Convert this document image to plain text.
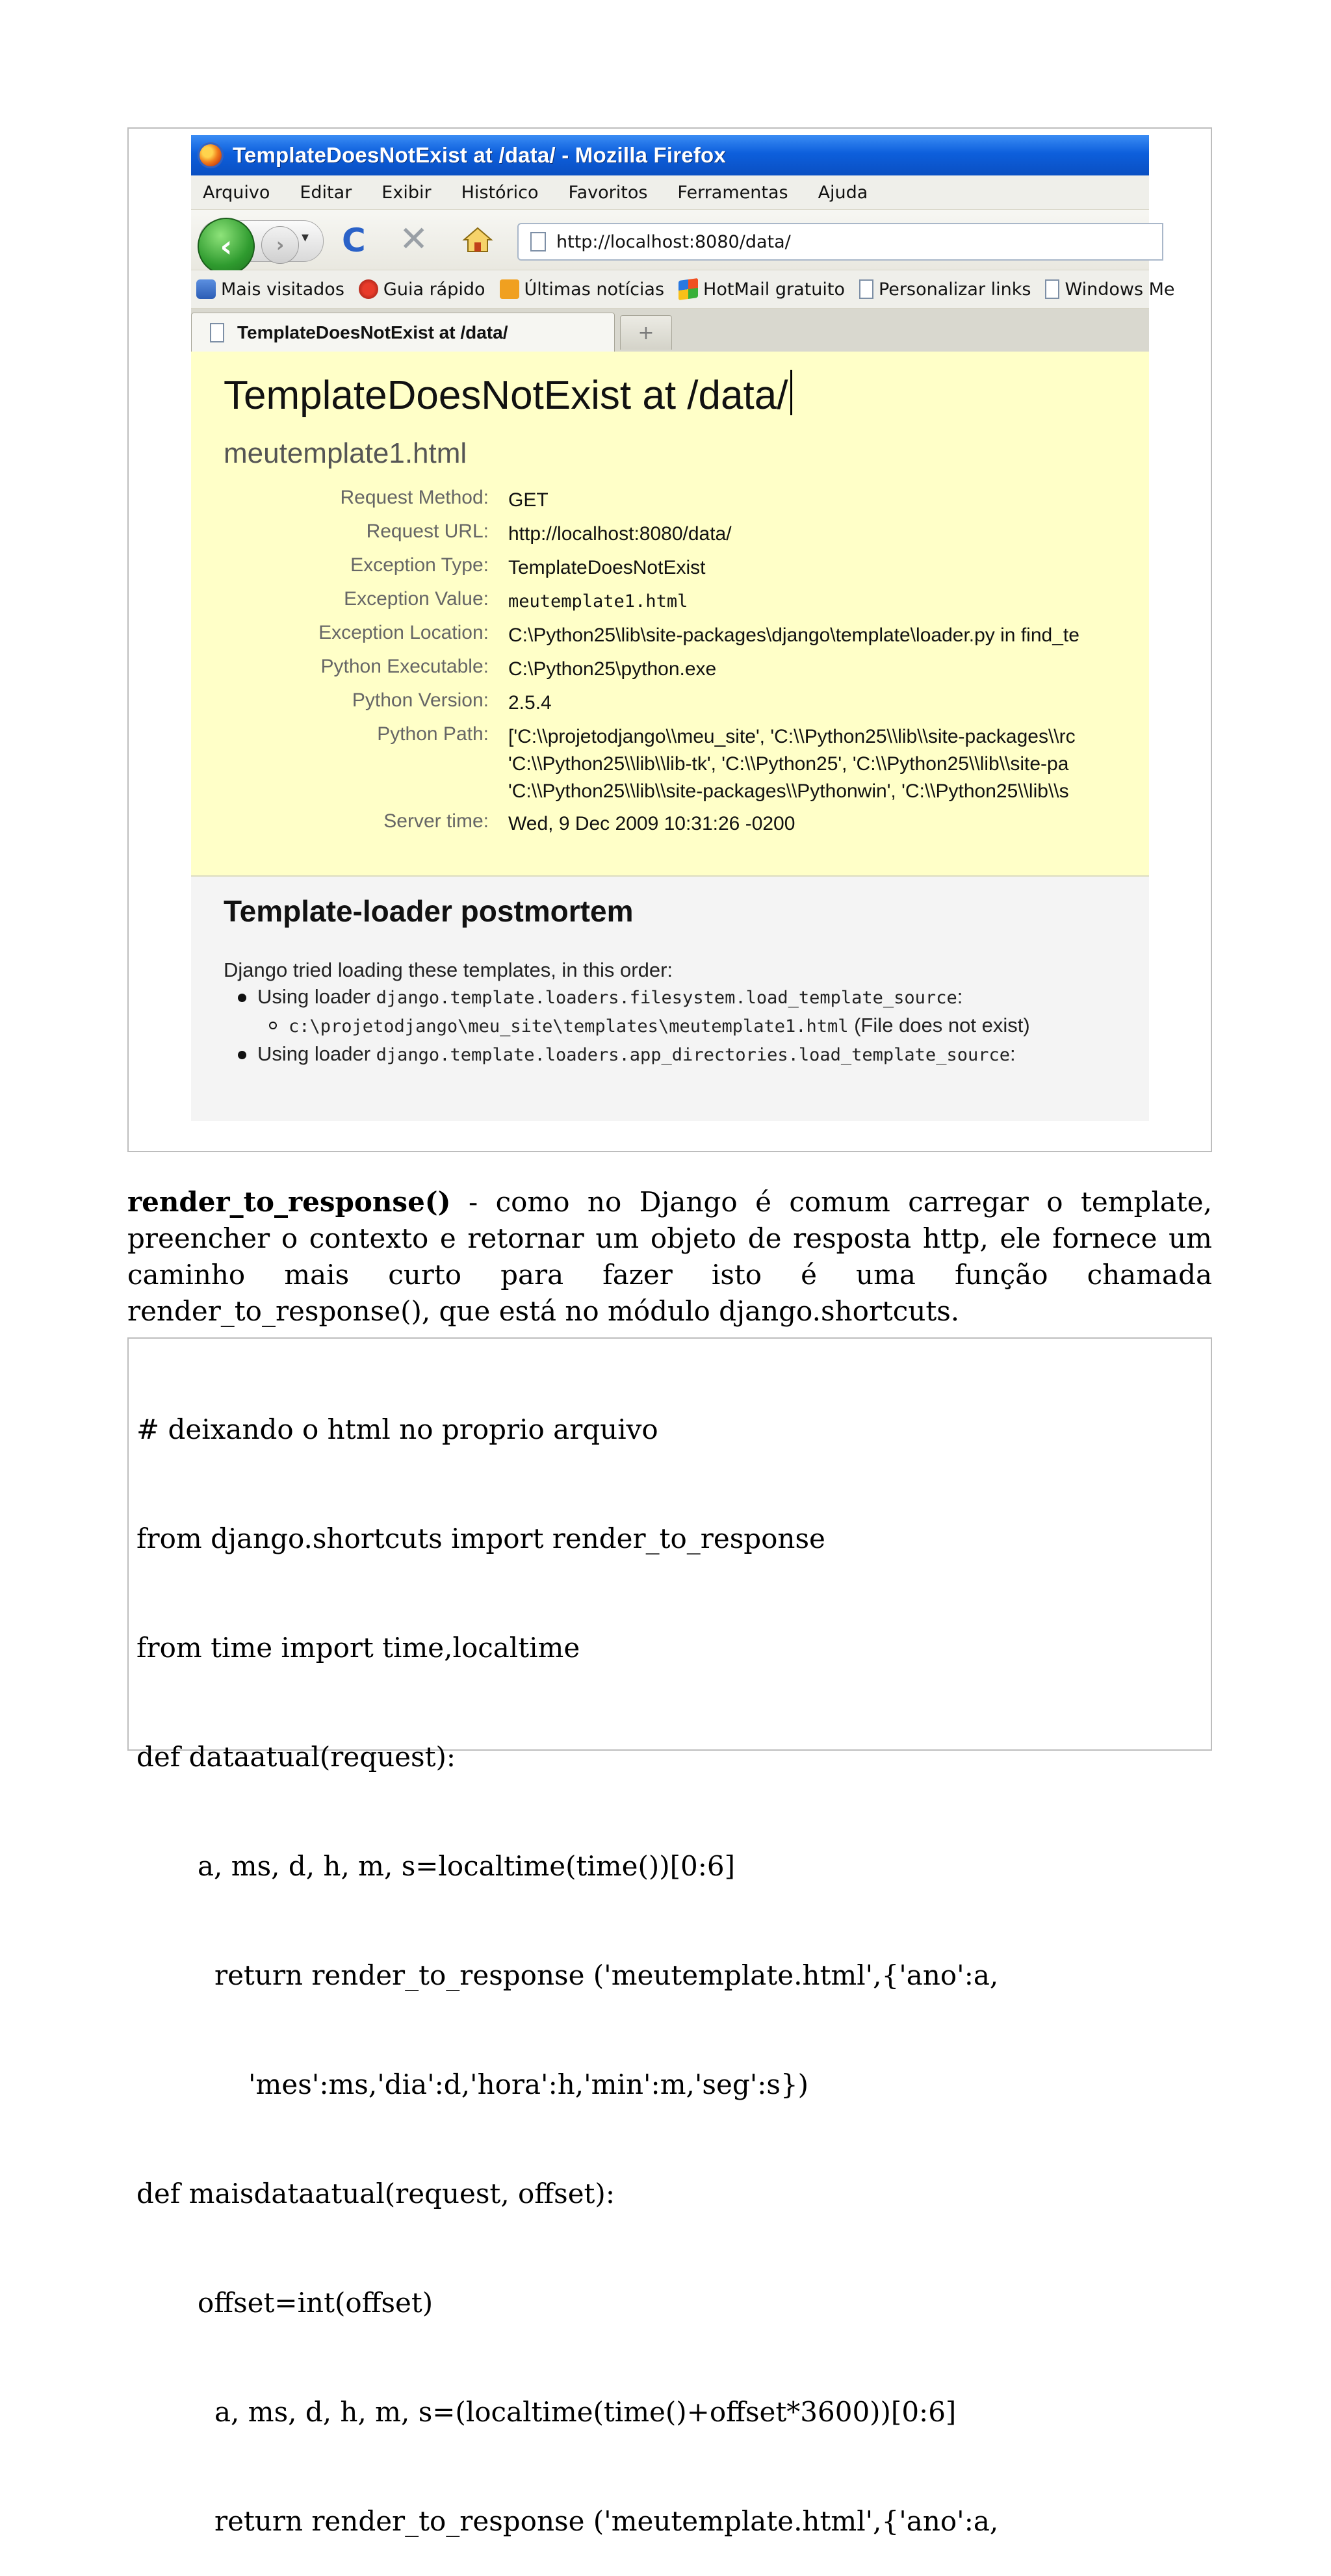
TemplateDoesNotExist at /data/ - Mozilla Firefox
Arquivo Editar Exibir Histórico Favoritos Ferramentas Ajuda
‹	›	▾ C ✕	http://localhost:8080/data/
Mais visitados Guia rápido Últimas notícias HotMail gratuito Personalizar links Windows Me
TemplateDoesNotExist at /data/	+
TemplateDoesNotExist at /data/
meutemplate1.html
Request Method: GET
Request URL: http://localhost:8080/data/
Exception Type: TemplateDoesNotExist
Exception Value: meutemplate1.html
Exception Location: C:\Python25\lib\site-packages\django\template\loader.py in find_te
Python Executable: C:\Python25\python.exe
Python Version: 2.5.4
Python Path: ['C:\\projetodjango\\meu_site', 'C:\\Python25\\lib\\site-packages\\rc
'C:\\Python25\\lib\\lib-tk', 'C:\\Python25', 'C:\\Python25\\lib\\site-pa
'C:\\Python25\\lib\\site-packages\\Pythonwin', 'C:\\Python25\\lib\\s
Server time: Wed, 9 Dec 2009 10:31:26 -0200
Template-loader postmortem
Django tried loading these templates, in this order:
Using loader django.template.loaders.filesystem.load_template_source:
c:\projetodjango\meu_site\templates\meutemplate1.html (File does not exist)
Using loader django.template.loaders.app_directories.load_template_source:
render_to_response() - como no Django é comum carregar o template, preencher o contexto e retornar um objeto de resposta http, ele fornece um caminho mais curto para fazer isto é uma função chamada render_to_response(), que está no módulo django.shortcuts.

# deixando o html no proprio arquivo

from django.shortcuts import render_to_response

from time import time,localtime

def dataatual(request):

a, ms, d, h, m, s=localtime(time())[0:6]

return render_to_response ('meutemplate.html',{'ano':a,

'mes':ms,'dia':d,'hora':h,'min':m,'seg':s})

def maisdataatual(request, offset):

offset=int(offset)

a, ms, d, h, m, s=(localtime(time()+offset*3600))[0:6]

return render_to_response ('meutemplate.html',{'ano':a,
